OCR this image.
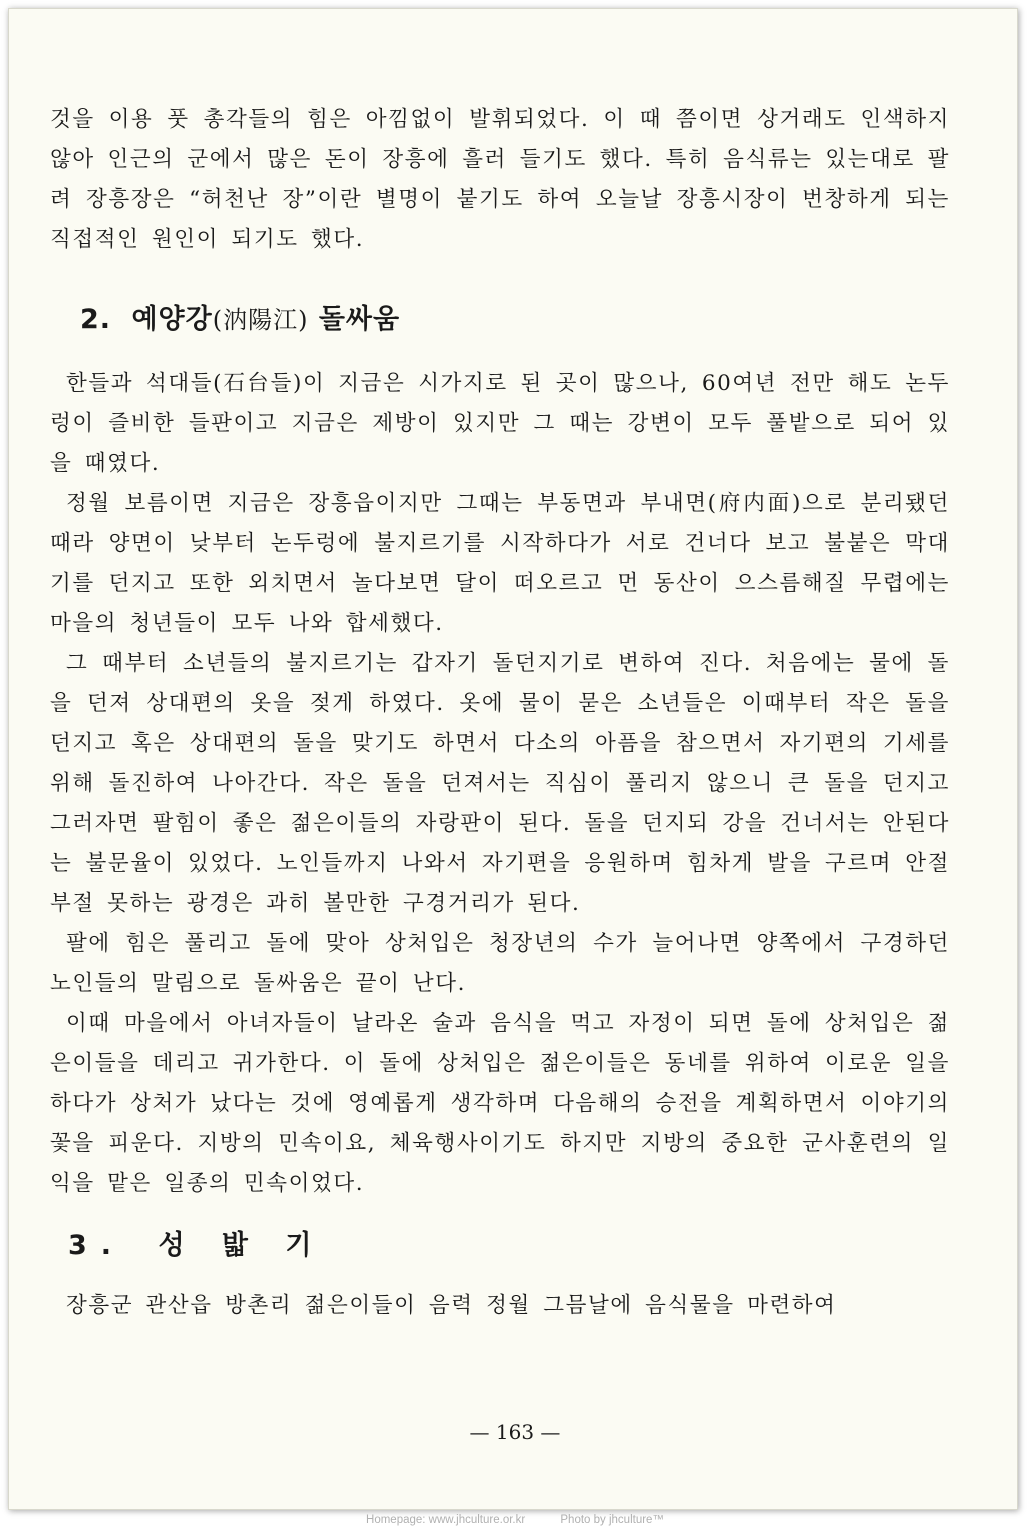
것을 이용 풋 총각들의 힘은 아낌없이 발휘되었다. 이 때 쯤이면 상거래도 인색하지 않아 인근의 군에서 많은 돈이 장흥에 흘러 들기도 했다. 특히 음식류는 있는대로 팔려 장흥장은 “허천난 장”이란 별명이 붙기도 하여 오늘날 장흥시장이 번창하게 되는 직접적인 원인이 되기도 했다.

2. 예양강(汭陽江) 돌싸움

한들과 석대들(石台들)이 지금은 시가지로 된 곳이 많으나, 60여년 전만 해도 논두렁이 즐비한 들판이고 지금은 제방이 있지만 그 때는 강변이 모두 풀밭으로 되어 있을 때였다.

정월 보름이면 지금은 장흥읍이지만 그때는 부동면과 부내면(府内面)으로 분리됐던 때라 양면이 낮부터 논두렁에 불지르기를 시작하다가 서로 건너다 보고 불붙은 막대기를 던지고 또한 외치면서 놀다보면 달이 떠오르고 먼 동산이 으스름해질 무렵에는 마을의 청년들이 모두 나와 합세했다.

그 때부터 소년들의 불지르기는 갑자기 돌던지기로 변하여 진다. 처음에는 물에 돌을 던져 상대편의 옷을 젖게 하였다. 옷에 물이 묻은 소년들은 이때부터 작은 돌을 던지고 혹은 상대편의 돌을 맞기도 하면서 다소의 아픔을 참으면서 자기편의 기세를 위해 돌진하여 나아간다. 작은 돌을 던져서는 직심이 풀리지 않으니 큰 돌을 던지고 그러자면 팔힘이 좋은 젊은이들의 자랑판이 된다. 돌을 던지되 강을 건너서는 안된다는 불문율이 있었다. 노인들까지 나와서 자기편을 응원하며 힘차게 발을 구르며 안절 부절 못하는 광경은 과히 볼만한 구경거리가 된다.

팔에 힘은 풀리고 돌에 맞아 상처입은 청장년의 수가 늘어나면 양쪽에서 구경하던 노인들의 말림으로 돌싸움은 끝이 난다.

이때 마을에서 아녀자들이 날라온 술과 음식을 먹고 자정이 되면 돌에 상처입은 젊은이들을 데리고 귀가한다. 이 돌에 상처입은 젊은이들은 동네를 위하여 이로운 일을 하다가 상처가 났다는 것에 영예롭게 생각하며 다음해의 승전을 계획하면서 이야기의 꽃을 피운다. 지방의 민속이요, 체육행사이기도 하지만 지방의 중요한 군사훈련의 일익을 맡은 일종의 민속이었다.

3. 성 밟 기

장흥군 관산읍 방촌리 젊은이들이 음력 정월 그믐날에 음식물을 마련하여

— 163 —
Homepage: www.jhculture.or.kr	Photo by jhculture™
